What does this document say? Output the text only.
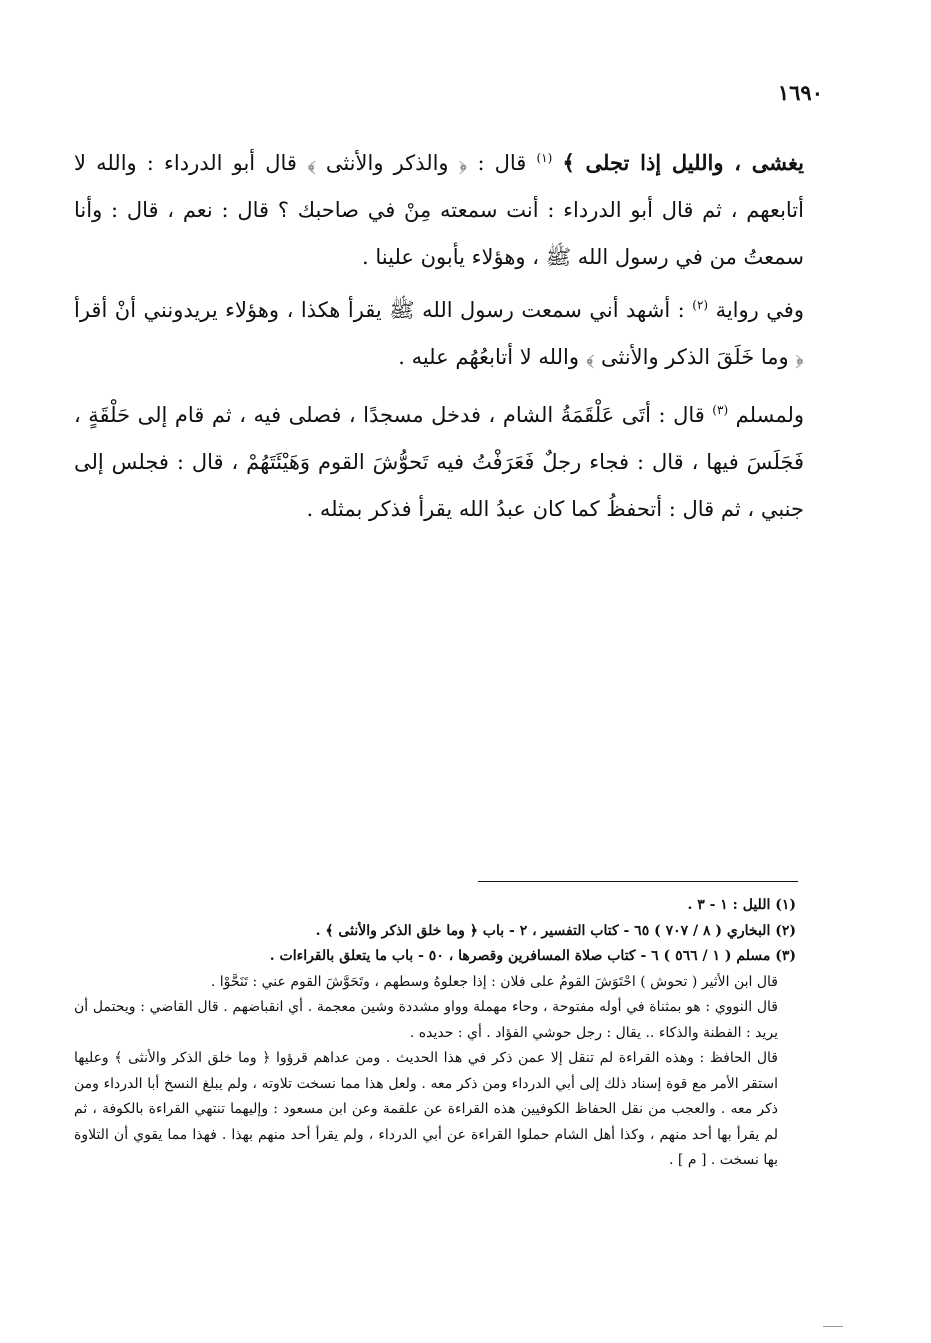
١٦٩٠

يغشى ، والليل إذا تجلى ﴾ $^{(١)}$ قال : ﴿ والذكر والأنثى ﴾ قال أبو الدرداء : والله لا أتابعهم ، ثم قال أبو الدرداء : أنت سمعته مِنْ في صاحبك ؟ قال : نعم ، قال : وأنا سمعتُ من في رسول الله ﷺ ، وهؤلاء يأبون علينا .

وفي رواية $^{(٢)}$ : أشهد أني سمعت رسول الله ﷺ يقرأ هكذا ، وهؤلاء يريدونني أنْ أقرأ ﴿ وما خَلَقَ الذكر والأنثى ﴾ والله لا أتابعُهُم عليه .

ولمسلم $^{(٣)}$ قال : أتَى عَلْقَمَةُ الشام ، فدخل مسجدًا ، فصلى فيه ، ثم قام إلى حَلْقَةٍ ، فَجَلَسَ فيها ، قال : فجاء رجلٌ فَعَرَفْتُ فيه تَحوُّشَ القوم وَهَيْئَتَهُمْ ، قال : فجلس إلى جنبي ، ثم قال : أتحفظُ كما كان عبدُ الله يقرأ فذكر بمثله .

(١) الليل : ١ - ٣ .

(٢) البخاري ( ٨ / ٧٠٧ ) ٦٥ - كتاب التفسير ، ٢ - باب ﴿ وما خلق الذكر والأنثى ﴾ .

(٣) مسلم ( ١ / ٥٦٦ ) ٦ - كتاب صلاة المسافرين وقصرها ، ٥٠ - باب ما يتعلق بالقراءات .

قال ابن الأثير ( تحوش ) احْتَوَشَ القومُ على فلان : إذا جعلوهُ وسطهم ، وتَحَوَّشَ القوم عني : تَنَحَّوْا .

قال النووي : هو بمثناة في أوله مفتوحة ، وحاء مهملة وواو مشددة وشين معجمة . أي انقباضهم . قال القاضي : ويحتمل أن يريد : الفطنة والذكاء .. يقال : رجل حوشي الفؤاد . أي : حديده .

قال الحافظ : وهذه القراءة لم تنقل إلا عمن ذكر في هذا الحديث . ومن عداهم قرؤوا ﴿ وما خلق الذكر والأنثى ﴾ وعليها استقر الأمر مع قوة إسناد ذلك إلى أبي الدرداء ومن ذكر معه . ولعل هذا مما نسخت تلاوته ، ولم يبلغ النسخ أبا الدرداء ومن ذكر معه . والعجب من نقل الحفاظ الكوفيين هذه القراءة عن علقمة وعن ابن مسعود : وإليهما تنتهي القراءة بالكوفة ، ثم لم يقرأ بها أحد منهم ، وكذا أهل الشام حملوا القراءة عن أبي الدرداء ، ولم يقرأ أحد منهم بهذا . فهذا مما يقوي أن التلاوة بها نسخت . [ م ] .
